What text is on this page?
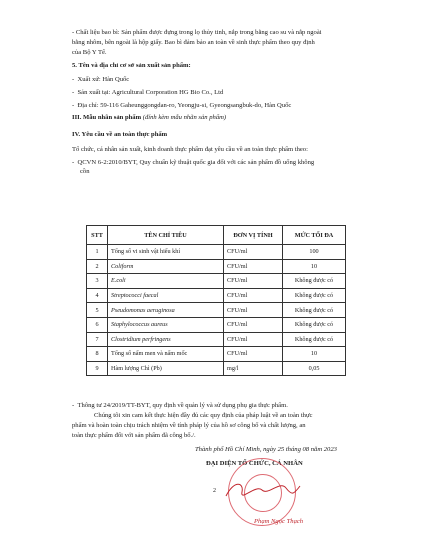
- Chất liệu bao bì: Sản phẩm được đựng trong lọ thủy tinh, nắp trong bằng cao su và nắp ngoài
bằng nhôm, bên ngoài là hộp giấy. Bao bì đảm bảo an toàn về sinh thực phẩm theo quy định
của Bộ Y Tế.
5. Tên và địa chỉ cơ sở sản xuất sản phẩm:
-  Xuất xứ: Hàn Quốc
-  Sản xuất tại: Agricultural Corporation HG Bio Co., Ltd
-  Địa chỉ: 59-116 Gaheunggongdan-ro, Yeongju-si, Gyeongsangbuk-do, Hàn Quốc
III. Mẫu nhãn sản phẩm (đính kèm mẫu nhãn sản phẩm)
IV. Yêu cầu về an toàn thực phẩm
Tổ chức, cá nhân sản xuất, kinh doanh thực phẩm đạt yêu cầu về an toàn thực phẩm theo:
-  QCVN 6-2:2010/BYT, Quy chuẩn kỹ thuật quốc gia đối với các sản phẩm đồ uống không
cồn
STT	TÊN CHỈ TIÊU	ĐƠN VỊ TÍNH	MỨC TỐI ĐA
1	Tổng số vi sinh vật hiếu khí	CFU/ml	100
2	Coliform	CFU/ml	10
3	E.coli	CFU/ml	Không được có
4	Streptococci faecal	CFU/ml	Không được có
5	Pseudomonas aeruginosa	CFU/ml	Không được có
6	Staphylococcus aureus	CFU/ml	Không được có
7	Clostridium perfringens	CFU/ml	Không được có
8	Tổng số nấm men và nấm mốc	CFU/ml	10
9	Hàm lượng Chì (Pb)	mg/l	0,05
-  Thông tư 24/2019/TT-BYT, quy định về quản lý và sử dụng phụ gia thực phẩm.
Chúng tôi xin cam kết thực hiện đầy đủ các quy định của pháp luật về an toàn thực
phẩm và hoàn toàn chịu trách nhiệm về tính pháp lý của hồ sơ công bố và chất lượng, an
toàn thực phẩm đối với sản phẩm đã công bố./.
Thành phố Hồ Chí Minh, ngày 25 tháng 08 năm 2023
ĐẠI DIỆN TỔ CHỨC, CÁ NHÂN
Phạm Ngọc Thạch
2
